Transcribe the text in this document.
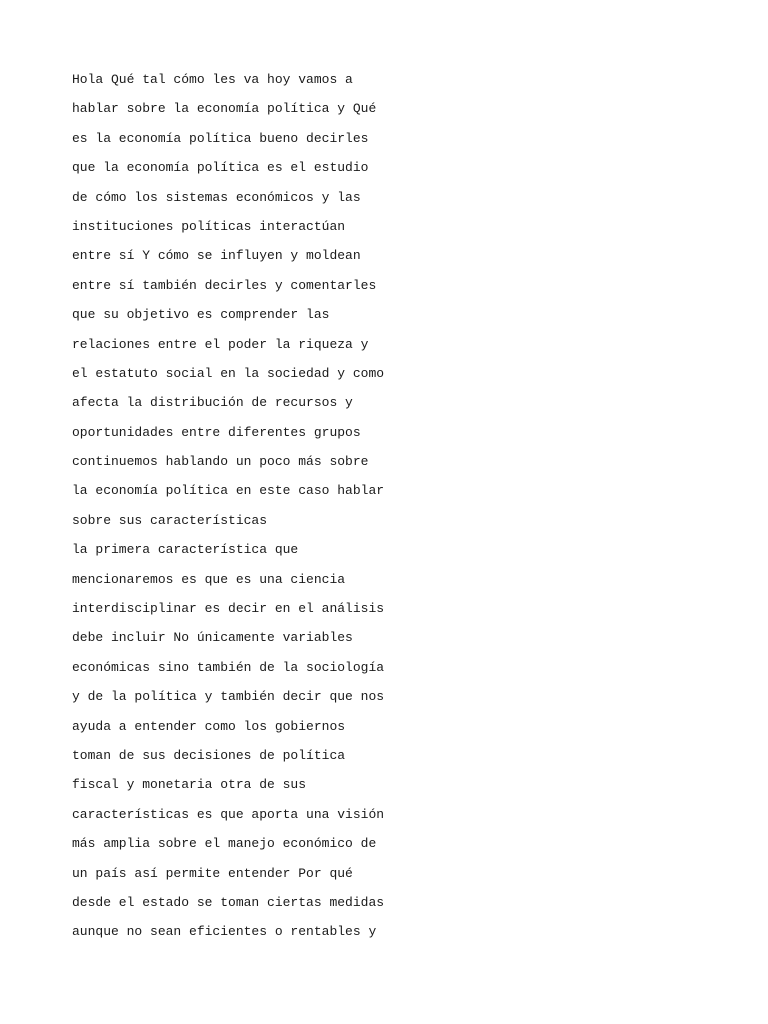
Hola Qué tal cómo les va hoy vamos a
hablar sobre la economía política y Qué
es la economía política bueno decirles
que la economía política es el estudio
de cómo los sistemas económicos y las
instituciones políticas interactúan
entre sí Y cómo se influyen y moldean
entre sí también decirles y comentarles
que su objetivo es comprender las
relaciones entre el poder la riqueza y
el estatuto social en la sociedad y como
afecta la distribución de recursos y
oportunidades entre diferentes grupos
continuemos hablando un poco más sobre
la economía política en este caso hablar
sobre sus características
la primera característica que
mencionaremos es que es una ciencia
interdisciplinar es decir en el análisis
debe incluir No únicamente variables
económicas sino también de la sociología
y de la política y también decir que nos
ayuda a entender como los gobiernos
toman de sus decisiones de política
fiscal y monetaria otra de sus
características es que aporta una visión
más amplia sobre el manejo económico de
un país así permite entender Por qué
desde el estado se toman ciertas medidas
aunque no sean eficientes o rentables y
